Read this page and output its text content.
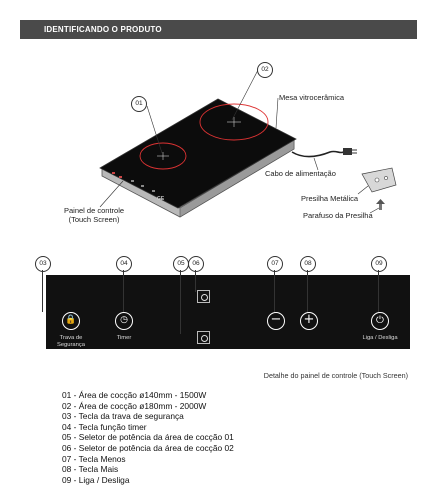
IDENTIFICANDO O PRODUTO
01
02
Mesa vitrocerâmica
Cabo de alimentação
Painel de controle
(Touch Screen)
Presilha Metálica
Parafuso da Presilha
GE
03	04	05	06	07	08	09
🔒
Trava de
Segurança
◷
Timer
− +	⏻
Liga / Desliga
Detalhe do painel de controle (Touch Screen)
01 - Área de cocção ø140mm - 1500W
02 - Área de cocção ø180mm - 2000W
03 - Tecla da trava de segurança
04 - Tecla função timer
05 - Seletor de potência da área de cocção 01
06 - Seletor de potência da área de cocção 02
07 - Tecla Menos
08 - Tecla Mais
09 - Liga / Desliga
